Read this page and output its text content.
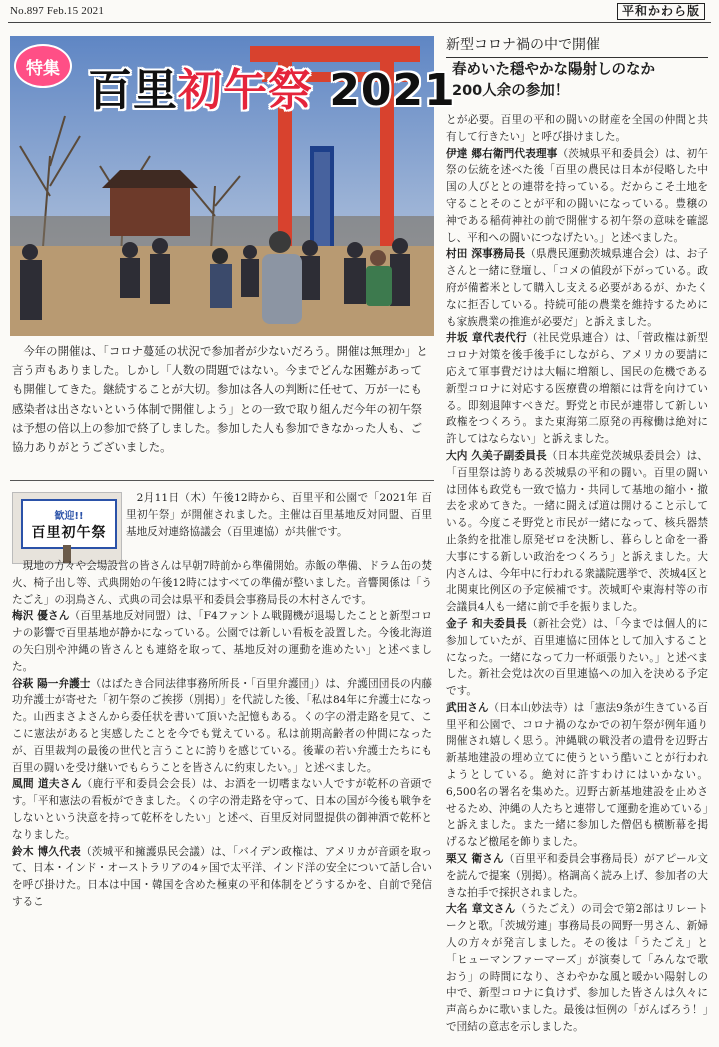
No.897 Feb.15 2021	平和かわら版
特集 百里初午祭 2021
新型コロナ禍の中で開催
春めいた穏やかな陽射しのなか
200人余の参加！

今年の開催は、「コロナ蔓延の状況で参加者が少ないだろう。開催は無理か」と言う声もありました。しかし「人数の問題ではない。今までどんな困難があっても開催してきた。継続することが大切。参加は各人の判断に任せて、万が一にも感染者は出さないという体制で開催しよう」との一致で取り組んだ今年の初午祭は予想の倍以上の参加で終了しました。参加した人も参加できなかった人も、ご協力ありがとうございました。

歓迎!!
百里初午祭

2月11日（木）午後12時から、百里平和公園で「2021年 百里初午祭」が開催されました。主催は百里基地反対同盟、百里基地反対連絡協議会（百里連協）が共催です。

現地の方々や会場設営の皆さんは早朝7時前から準備開始。赤飯の準備、ドラム缶の焚火、椅子出し等、式典開始の午後12時にはすべての準備が整いました。音響関係は「うたごえ」の羽鳥さん、式典の司会は県平和委員会事務局長の木村さんです。

梅沢 優さん（百里基地反対同盟）は、「F4ファントム戦闘機が退場したことと新型コロナの影響で百里基地が静かになっている。公園では新しい看板を設置した。今後北海道の矢臼別や沖縄の皆さんとも連絡を取って、基地反対の運動を進めたい」と述べました。

谷萩 陽一弁護士（はばたき合同法律事務所所長・「百里弁護団」）は、弁護団団長の内藤功弁護士が寄せた「初午祭のご挨拶（別掲）」を代読した後、「私は84年に弁護士になった。山西まさよさんから委任状を書いて頂いた記憶もある。くの字の滑走路を見て、ここに憲法があると実感したことを今でも覚えている。私は前期高齢者の仲間になったが、百里裁判の最後の世代と言うことに誇りを感じている。後輩の若い弁護士たちにも百里の闘いを受け継いでもらうことを皆さんに約束したい。」と述べました。

風間 道夫さん（鹿行平和委員会会長）は、お酒を一切嗜まない人ですが乾杯の音頭です。「平和憲法の看板ができました。くの字の滑走路を守って、日本の国が今後も戦争をしないという決意を持って乾杯をしたい」と述べ、百里反対同盟提供の御神酒で乾杯となりました。

鈴木 博久代表（茨城平和擁護県民会議）は、「バイデン政権は、アメリカが音頭を取って、日本・インド・オーストラリアの4ヶ国で太平洋、インド洋の安全について話し合いを呼び掛けた。日本は中国・韓国を含めた極東の平和体制をどうするかを、自前で発信するこ

とが必要。百里の平和の闘いの財産を全国の仲間と共有して行きたい」と呼び掛けました。

伊達 郷右衛門代表理事（茨城県平和委員会）は、初午祭の伝統を述べた後「百里の農民は日本が侵略した中国の人びととの連帯を持っている。だからこそ土地を守ることそのことが平和の闘いになっている。豊穣の神である稲荷神社の前で開催する初午祭の意味を確認し、平和への闘いにつなげたい。」と述べました。

村田 深事務局長（県農民運動茨城県連合会）は、お子さんと一緒に登壇し、「コメの値段が下がっている。政府が備蓄米として購入し支える必要があるが、かたくなに拒否している。持続可能の農業を維持するためにも家族農業の推進が必要だ」と訴えました。

井坂 章代表代行（社民党県連合）は、「菅政権は新型コロナ対策を後手後手にしながら、アメリカの要請に応えて軍事費だけは大幅に増額し、国民の危機である新型コロナに対応する医療費の増額には背を向けている。即刻退陣すべきだ。野党と市民が連帯して新しい政権をつくろう。また東海第二原発の再稼働は絶対に許してはならない」と訴えました。

大内 久美子副委員長（日本共産党茨城県委員会）は、「百里祭は誇りある茨城県の平和の闘い。百里の闘いは団体も政党も一致で協力・共同して基地の縮小・撤去を求めてきた。一緒に闘えば道は開けること示している。今度こそ野党と市民が一緒になって、核兵器禁止条約を批准し原発ゼロを決断し、暮らしと命を一番大事にする新しい政治をつくろう」と訴えました。大内さんは、今年中に行われる衆議院選挙で、茨城4区と北関東比例区の予定候補です。茨城町や東海村等の市会議員4人も一緒に前で手を振りました。

金子 和夫委員長（新社会党）は、「今までは個人的に参加していたが、百里連協に団体として加入することになった。一緒になって力一杯頑張りたい。」と述べました。新社会党は次の百里連協への加入を決める予定です。

武田さん（日本山妙法寺）は「憲法9条が生きている百里平和公園で、コロナ禍のなかでの初午祭が例年通り開催され嬉しく思う。沖縄戦の戦没者の遺骨を辺野古新基地建設の埋め立てに使うという酷いことが行われようとしている。絶対に許すわけにはいかない。6,500名の署名を集めた。辺野古新基地建設を止めさせるため、沖縄の人たちと連帯して運動を進めている」と訴えました。また一緒に参加した僧侶も横断幕を掲げるなど檄尾を飾りました。

栗又 衛さん（百里平和委員会事務局長）がアピール文を読んで提案（別掲）。格調高く読み上げ、参加者の大きな拍手で採択されました。

大名 章文さん（うたごえ）の司会で第2部はリレートークと歌。「茨城労連」事務局長の岡野一男さん、新婦人の方々が発言しました。その後は「うたごえ」と「ヒューマンファーマーズ」が演奏して「みんなで歌おう」の時間になり、さわやかな風と暖かい陽射しの中で、新型コロナに負けず、参加した皆さんは久々に声高らかに歌いました。最後は恒例の「がんばろう！」で団結の意志を示しました。
